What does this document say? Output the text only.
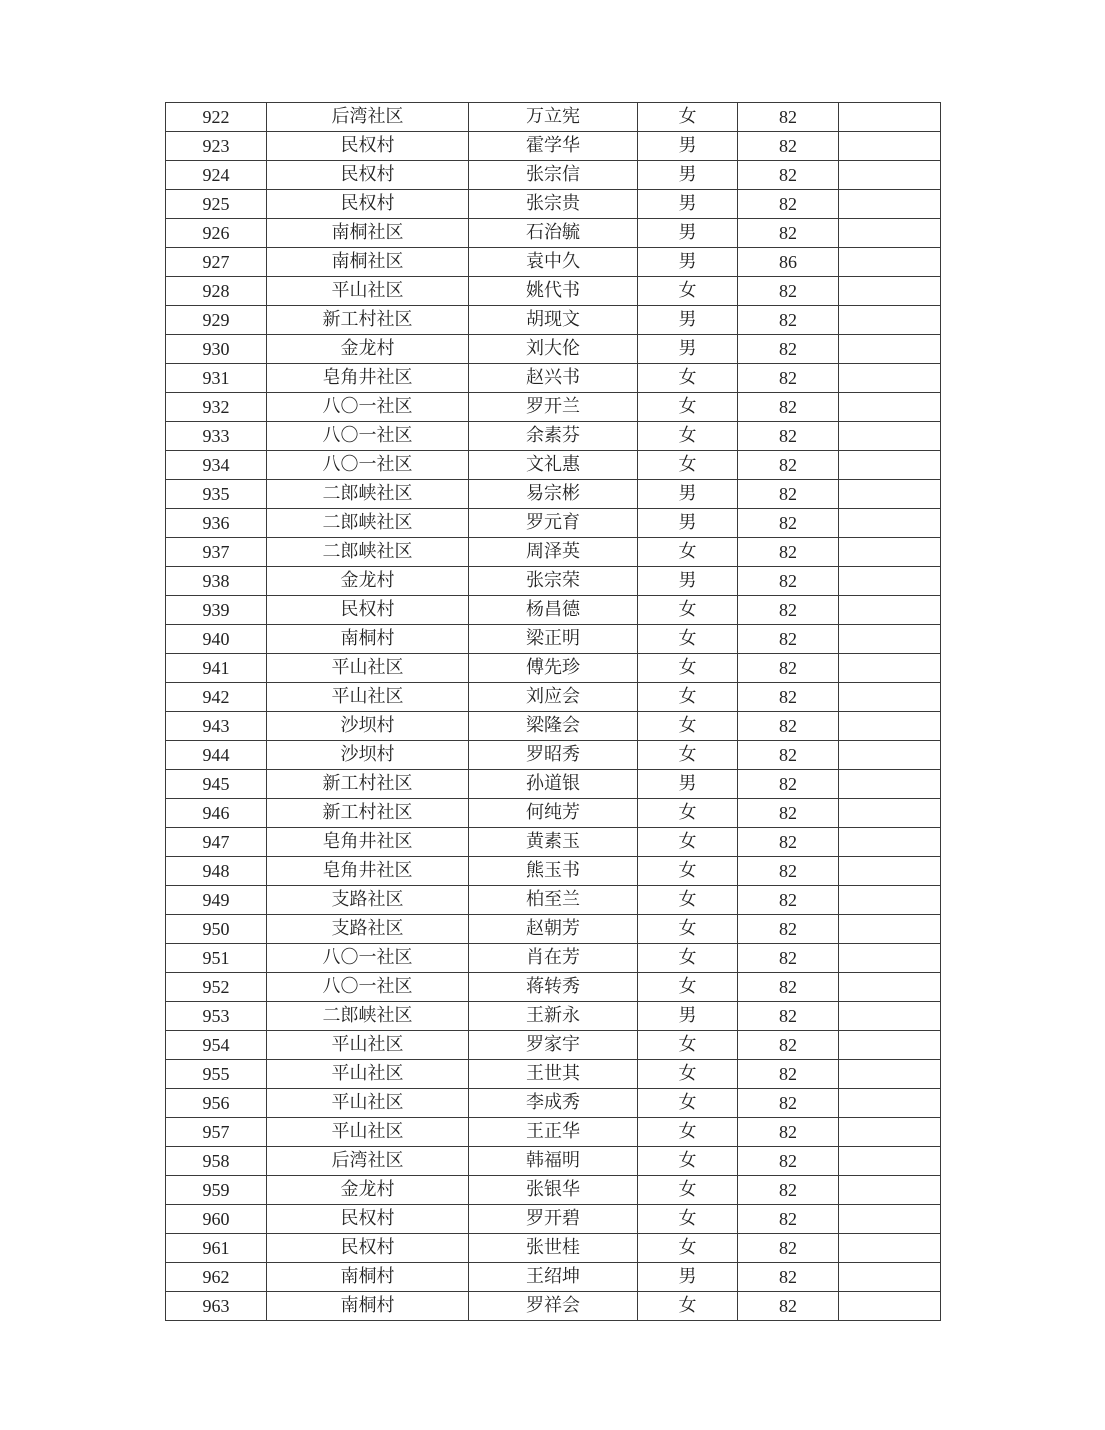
922	后湾社区	万立宪	女	82	
923	民权村	霍学华	男	82	
924	民权村	张宗信	男	82	
925	民权村	张宗贵	男	82	
926	南桐社区	石治毓	男	82	
927	南桐社区	袁中久	男	86	
928	平山社区	姚代书	女	82	
929	新工村社区	胡现文	男	82	
930	金龙村	刘大伦	男	82	
931	皂角井社区	赵兴书	女	82	
932	八〇一社区	罗开兰	女	82	
933	八〇一社区	余素芬	女	82	
934	八〇一社区	文礼惠	女	82	
935	二郎峡社区	易宗彬	男	82	
936	二郎峡社区	罗元育	男	82	
937	二郎峡社区	周泽英	女	82	
938	金龙村	张宗荣	男	82	
939	民权村	杨昌德	女	82	
940	南桐村	梁正明	女	82	
941	平山社区	傅先珍	女	82	
942	平山社区	刘应会	女	82	
943	沙坝村	梁隆会	女	82	
944	沙坝村	罗昭秀	女	82	
945	新工村社区	孙道银	男	82	
946	新工村社区	何纯芳	女	82	
947	皂角井社区	黄素玉	女	82	
948	皂角井社区	熊玉书	女	82	
949	支路社区	柏至兰	女	82	
950	支路社区	赵朝芳	女	82	
951	八〇一社区	肖在芳	女	82	
952	八〇一社区	蒋转秀	女	82	
953	二郎峡社区	王新永	男	82	
954	平山社区	罗家宇	女	82	
955	平山社区	王世其	女	82	
956	平山社区	李成秀	女	82	
957	平山社区	王正华	女	82	
958	后湾社区	韩福明	女	82	
959	金龙村	张银华	女	82	
960	民权村	罗开碧	女	82	
961	民权村	张世桂	女	82	
962	南桐村	王绍坤	男	82	
963	南桐村	罗祥会	女	82	
